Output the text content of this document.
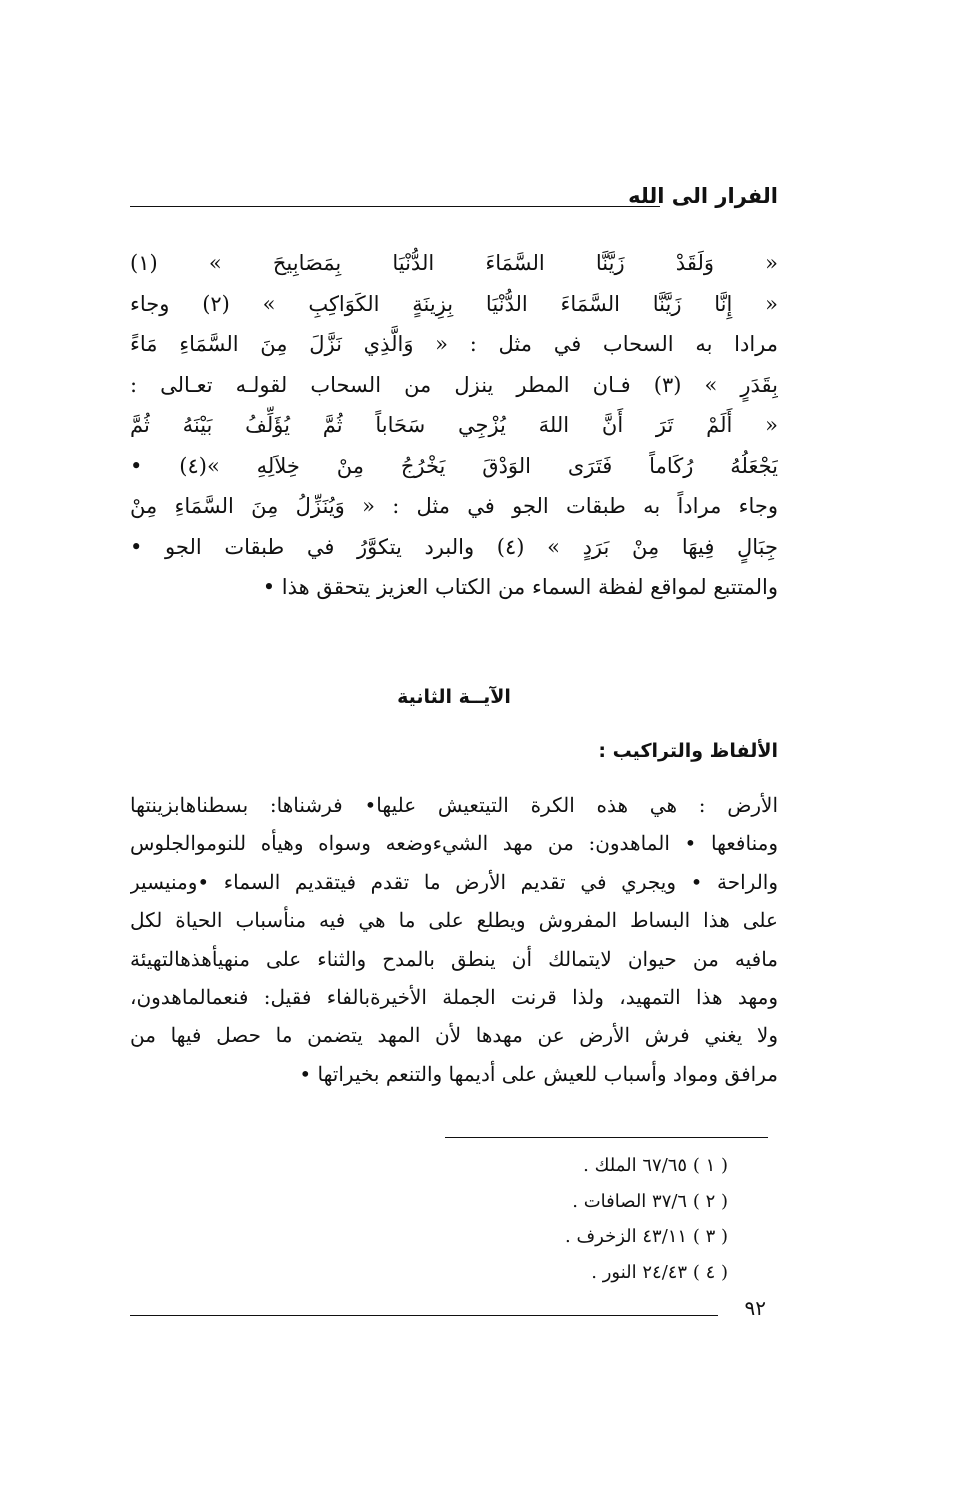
الفرار الى الله
« وَلَقَدْ زَيَّنَّا السَّمَاءَ الدُّنْيَا بِمَصَابِيحَ » (١)
« إِنَّا زَيَّنَّا السَّمَاءَ الدُّنْيَا بِزِينَةٍ الكَوَاكِبِ » (٢) وجاء
مرادا به السحاب في مثل : « وَالَّذِي نَزَّلَ مِنَ السَّمَاءِ مَاءً
بِقَدَرٍ » (٣) فـان المطر ينزل من السحاب لقولـه تعـالى :
« أَلَمْ تَرَ أَنَّ اللهَ يُزْجِي سَحَاباً ثُمَّ يُؤَلِّفُ بَيْنَهُ ثُمَّ
يَجْعَلُهُ رُكَاماً فَتَرَى الوَدْقَ يَخْرُجُ مِنْ خِلاَلِهِ »(٤) •
وجاء مراداً به طبقات الجو في مثل : « وَيُنَزِّلُ مِنَ السَّمَاءِ مِنْ
جِبَالٍ فِيهَا مِنْ بَرَدٍ » (٤) والبرد يتكوَّرُ في طبقات الجو •
والمتتبع لمواقع لفظة السماء من الكتاب العزيز يتحقق هذا •
الآيــة الثانية
الألفاظ والتراكيب :
الأرض : هي هذه الكرة التيتعيش عليها• فرشناها: بسطناهابزينتها
ومنافعها • الماهدون: من مهد الشيءوضعه وسواه وهيأه للنوموالجلوس
والراحة • ويجري في تقديم الأرض ما تقدم فيتقديم السماء •ومنيسير
على هذا البساط المفروش ويطلع على ما هي فيه منأسباب الحياة لكل
مافيه من حيوان لايتمالك أن ينطق بالمدح والثناء على منهيأهذهالتهيئة
ومهد هذا التمهيد، ولذا قرنت الجملة الأخيرةبالفاء فقيل: فنعمالماهدون،
ولا يغني فرش الأرض عن مهدها لأن المهد يتضمن ما حصل فيها من
مرافق ومواد وأسباب للعيش على أديمها والتنعم بخيراتها •
( ١ ) ٦٧/٦٥ الملك .
( ٢ ) ٣٧/٦ الصافات .
( ٣ ) ٤٣/١١ الزخرف .
( ٤ ) ٢٤/٤٣ النور .
٩٢
